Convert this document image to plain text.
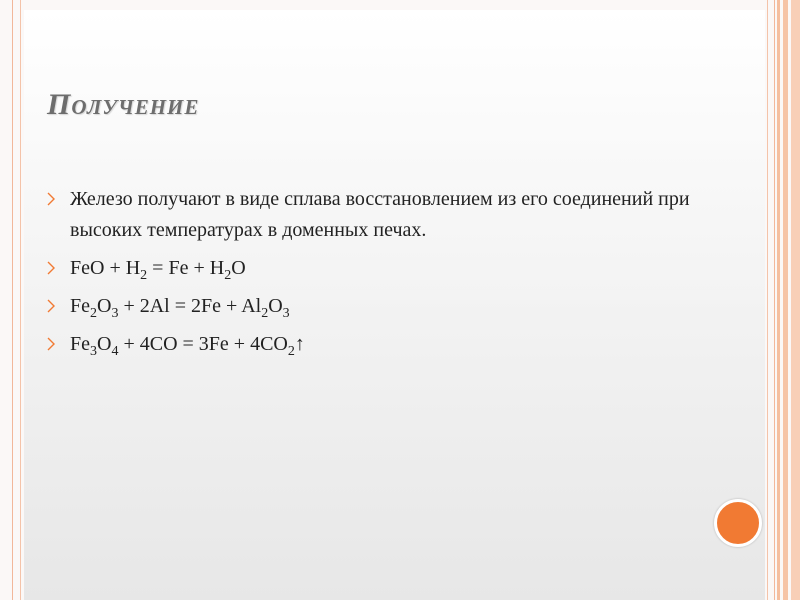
Получение
Железо получают в виде сплава восстановлением из его соединений при высоких температурах в доменных печах.
FeO + $H_2 = Fe + H_2O$
$Fe_2O_3 + 2Al = 2Fe + Al_2O_3$
$Fe_3O_4 + 4CO = 3Fe$ + $4CO_2↑$
